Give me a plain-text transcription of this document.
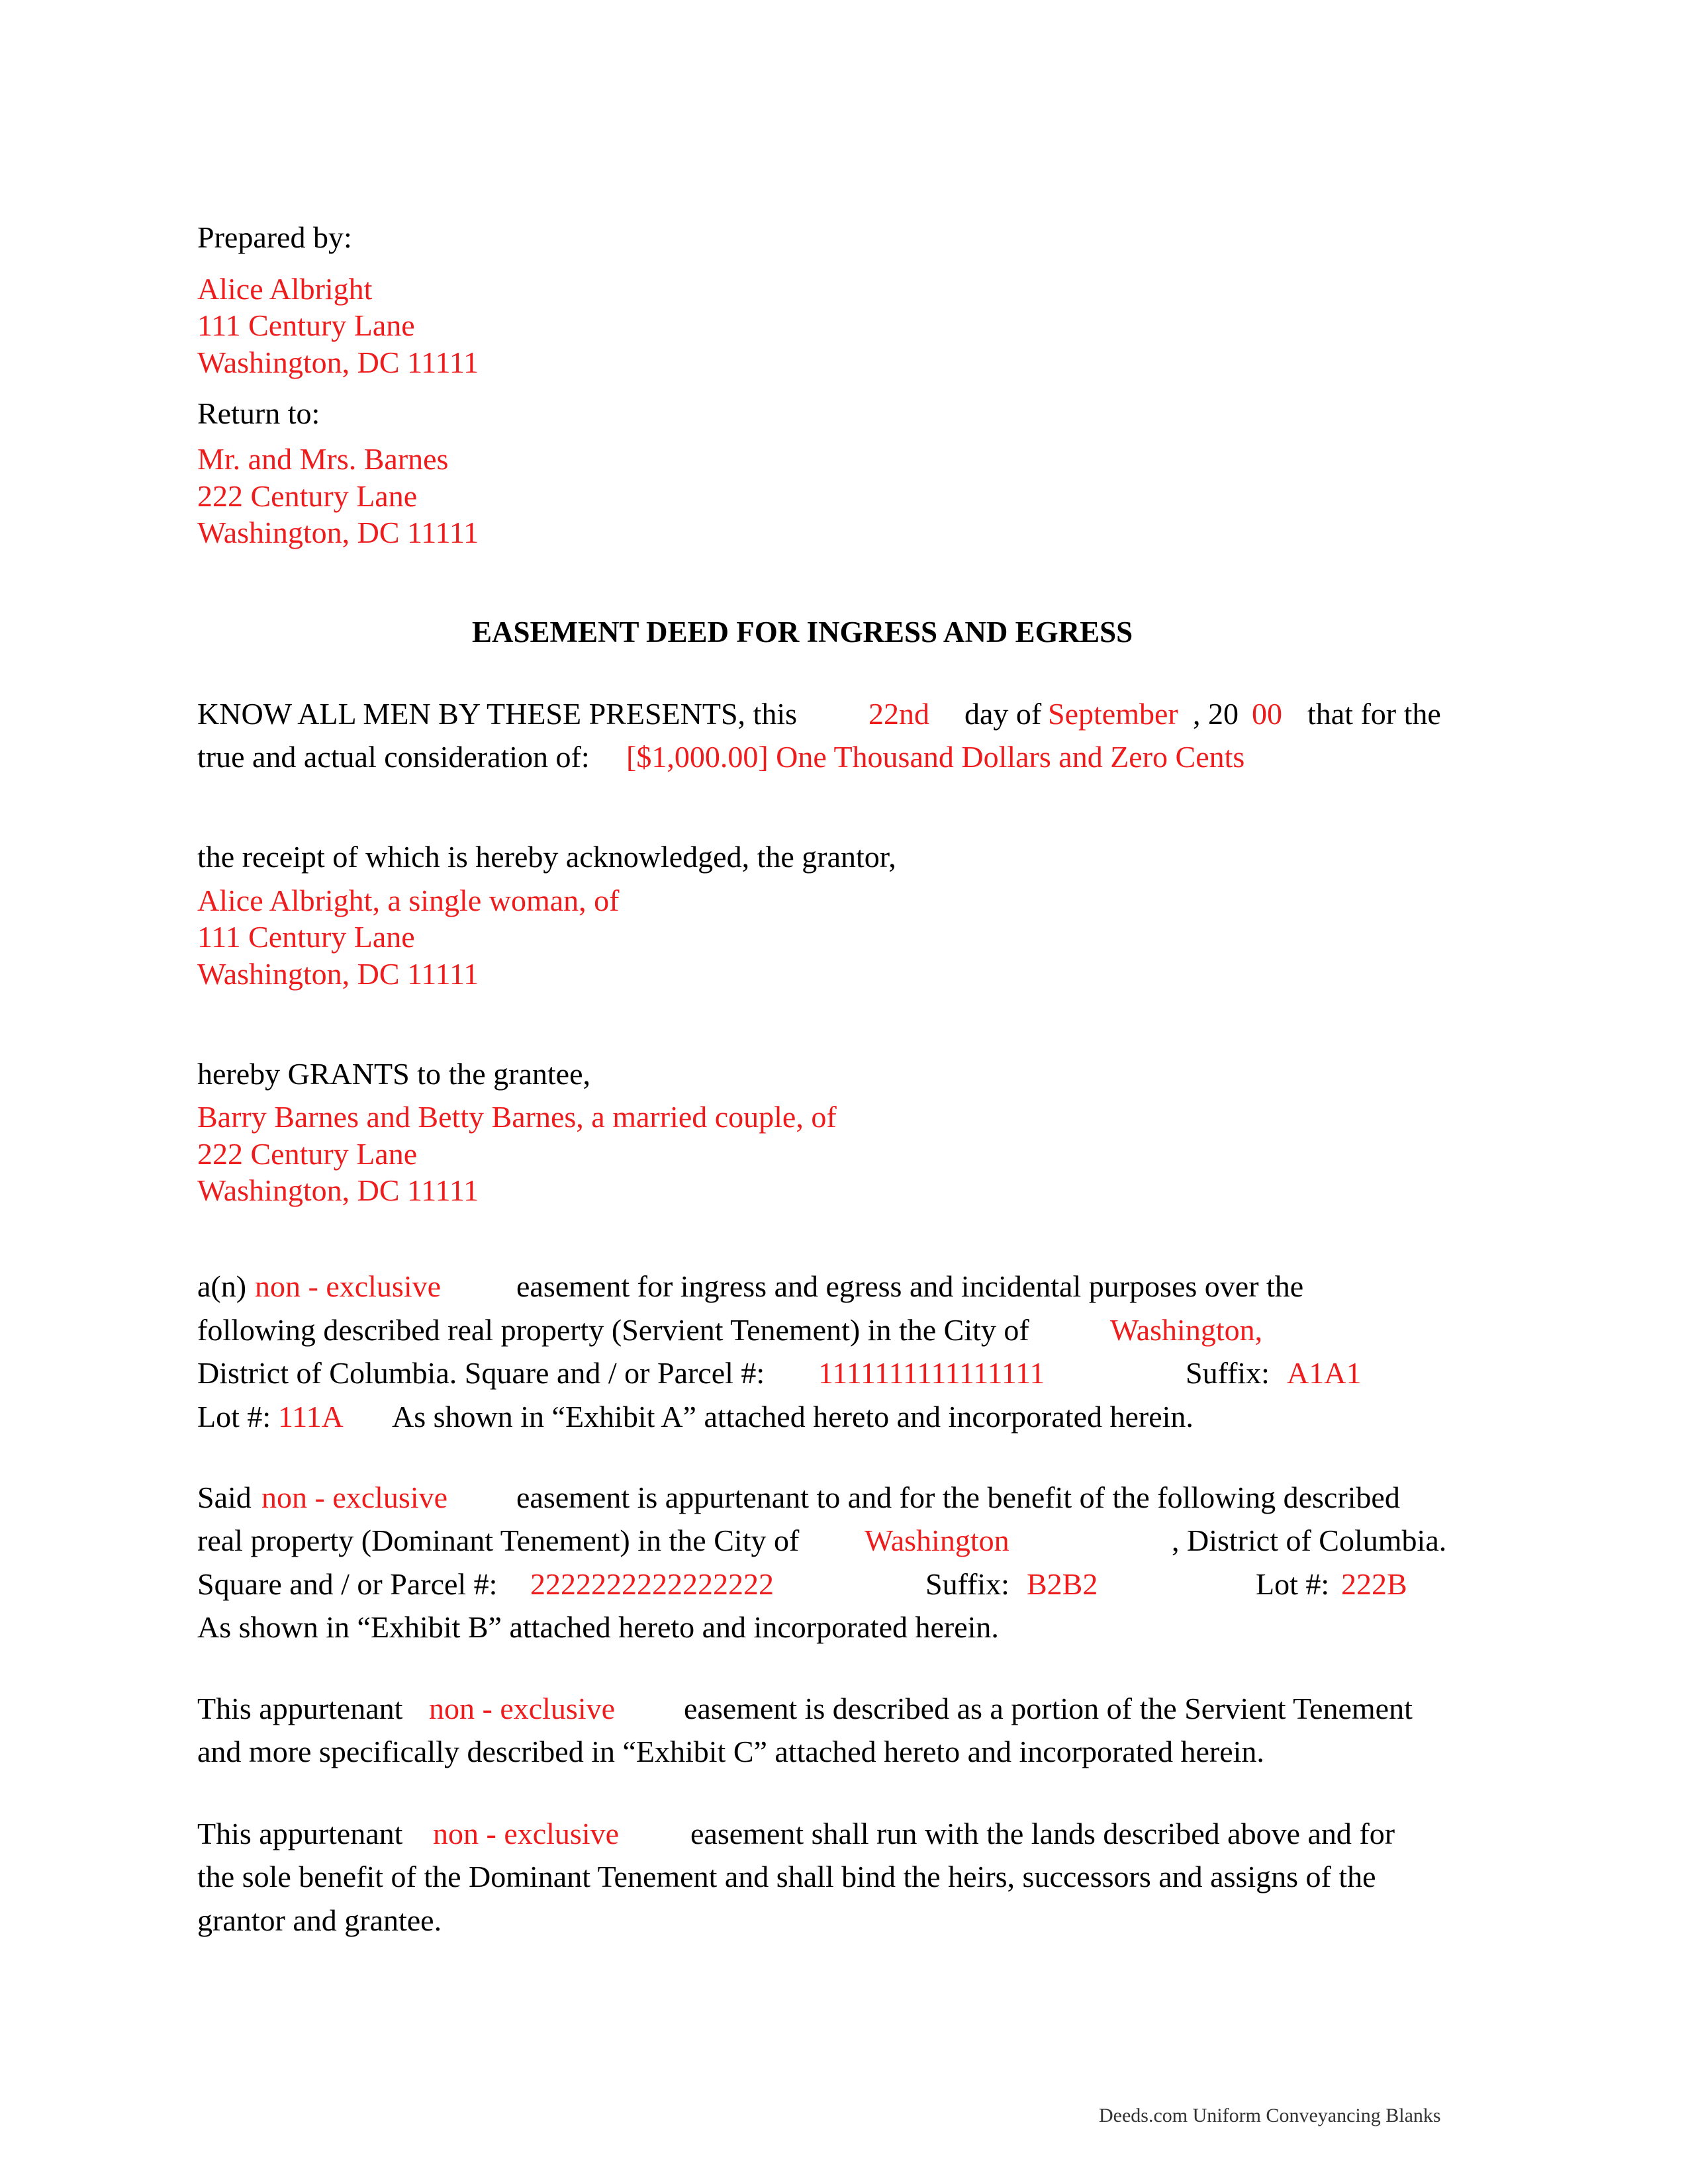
Prepared by:
Alice Albright
111 Century Lane
Washington, DC 11111
Return to:
Mr. and Mrs. Barnes
222 Century Lane
Washington, DC 11111
EASEMENT DEED FOR INGRESS AND EGRESS
KNOW ALL MEN BY THESE PRESENTS, this 22nd day of September , 20 00 that for the
true and actual consideration of: [$1,000.00] One Thousand Dollars and Zero Cents
the receipt of which is hereby acknowledged, the grantor,
Alice Albright, a single woman, of
111 Century Lane
Washington, DC 11111
hereby GRANTS to the grantee,
Barry Barnes and Betty Barnes, a married couple, of
222 Century Lane
Washington, DC 11111
a(n) non - exclusive easement for ingress and egress and incidental purposes over the
following described real property (Servient Tenement) in the City of	Washington,
District of Columbia. Square and / or Parcel #: 1111111111111111	Suffix: A1A1
Lot #: 111A As shown in “Exhibit A” attached hereto and incorporated herein.
Said non - exclusive easement is appurtenant to and for the benefit of the following described
real property (Dominant Tenement) in the City of Washington	, District of Columbia.
Square and / or Parcel #: 2222222222222222	Suffix: B2B2	Lot #: 222B
As shown in “Exhibit B” attached hereto and incorporated herein.
This appurtenant non - exclusive easement is described as a portion of the Servient Tenement
and more specifically described in “Exhibit C” attached hereto and incorporated herein.
This appurtenant non - exclusive easement shall run with the lands described above and for
the sole benefit of the Dominant Tenement and shall bind the heirs, successors and assigns of the
grantor and grantee.
Deeds.com Uniform Conveyancing Blanks
